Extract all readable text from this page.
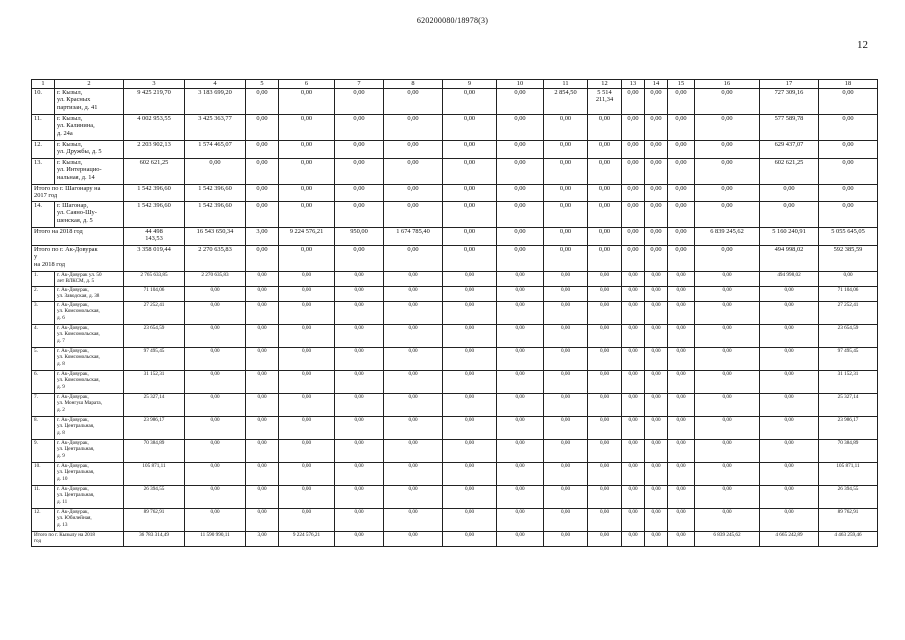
620200080/18978(3)
12
1	2	3	4	5	6	7	8	9	10	11	12	13	14	15	16	17	18
10.	г. Кызыл,
ул. Красных
партизан, д. 41	9 425 219,70	3 183 699,20	0,00	0,00	0,00	0,00	0,00	0,00	2 854,50	5 514
211,34	0,00	0,00	0,00	0,00	727 309,16	0,00
11.	г. Кызыл,
ул. Калинина,
д. 24а	4 002 953,55	3 425 363,77	0,00	0,00	0,00	0,00	0,00	0,00	0,00	0,00	0,00	0,00	0,00	0,00	577 589,78	0,00
12.	г. Кызыл,
ул. Дружбы, д. 5	2 203 902,13	1 574 465,07	0,00	0,00	0,00	0,00	0,00	0,00	0,00	0,00	0,00	0,00	0,00	0,00	629 437,07	0,00
13.	г. Кызыл,
ул. Интернацио-
нальная, д. 14	602 621,25	0,00	0,00	0,00	0,00	0,00	0,00	0,00	0,00	0,00	0,00	0,00	0,00	0,00	602 621,25	0,00
Итого по г. Шагонару на
2017 год		1 542 396,60	1 542 396,60	0,00	0,00	0,00	0,00	0,00	0,00	0,00	0,00	0,00	0,00	0,00	0,00	0,00	0,00
14.	г. Шагонар,
ул. Саяно-Шу-
шенская, д. 5	1 542 396,60	1 542 396,60	0,00	0,00	0,00	0,00	0,00	0,00	0,00	0,00	0,00	0,00	0,00	0,00	0,00	0,00
Итого на 2018 год		44 498
143,53	16 543 650,34	3,00	9 224 576,21	950,00	1 674 785,40	0,00	0,00	0,00	0,00	0,00	0,00	0,00	6 839 245,62	5 160 240,91	5 055 645,05
Итого по г. Ак-Довурак
у
на 2018 год		3 358 019,44	2 270 635,83	0,00	0,00	0,00	0,00	0,00	0,00	0,00	0,00	0,00	0,00	0,00	0,00	494 998,02	592 385,59
1.	г. Ак-Довурак ул. 50
лет ВЛКСМ, д. 5	2 765 633,85	2 270 635,83	0,00	0,00	0,00	0,00	0,00	0,00	0,00	0,00	0,00	0,00	0,00	0,00	494 998,02	0,00
2.	г. Ак-Довурак,
ул. Заводская, д. 38	71 104,06	0,00	0,00	0,00	0,00	0,00	0,00	0,00	0,00	0,00	0,00	0,00	0,00	0,00	0,00	71 104,06
3.	г. Ак-Довурак,
ул. Комсомольская,
д. 6	27 252,41	0,00	0,00	0,00	0,00	0,00	0,00	0,00	0,00	0,00	0,00	0,00	0,00	0,00	0,00	27 252,41
4.	г. Ак-Довурак,
ул. Комсомольская,
д. 7	23 654,59	0,00	0,00	0,00	0,00	0,00	0,00	0,00	0,00	0,00	0,00	0,00	0,00	0,00	0,00	23 654,59
5.	г. Ак-Довурак,
ул. Комсомольская,
д. 8	97 495,45	0,00	0,00	0,00	0,00	0,00	0,00	0,00	0,00	0,00	0,00	0,00	0,00	0,00	0,00	97 495,45
6.	г. Ак-Довурак,
ул. Комсомольская,
д. 9	31 152,31	0,00	0,00	0,00	0,00	0,00	0,00	0,00	0,00	0,00	0,00	0,00	0,00	0,00	0,00	31 152,31
7.	г. Ак-Довурак,
ул. Монгуш Марата,
д. 2	25 327,14	0,00	0,00	0,00	0,00	0,00	0,00	0,00	0,00	0,00	0,00	0,00	0,00	0,00	0,00	25 327,14
8.	г. Ак-Довурак,
ул. Центральная,
д. 8	23 986,17	0,00	0,00	0,00	0,00	0,00	0,00	0,00	0,00	0,00	0,00	0,00	0,00	0,00	0,00	23 986,17
9.	г. Ак-Довурак,
ул. Центральная,
д. 9	70 384,89	0,00	0,00	0,00	0,00	0,00	0,00	0,00	0,00	0,00	0,00	0,00	0,00	0,00	0,00	70 384,89
10.	г. Ак-Довурак,
ул. Центральная,
д. 10	105 871,11	0,00	0,00	0,00	0,00	0,00	0,00	0,00	0,00	0,00	0,00	0,00	0,00	0,00	0,00	105 871,11
11.	г. Ак-Довурак,
ул. Центральная,
д. 11	26 394,55	0,00	0,00	0,00	0,00	0,00	0,00	0,00	0,00	0,00	0,00	0,00	0,00	0,00	0,00	26 394,55
12.	г. Ак-Довурак,
ул. Юбилейная,
д. 13	89 762,91	0,00	0,00	0,00	0,00	0,00	0,00	0,00	0,00	0,00	0,00	0,00	0,00	0,00	0,00	89 762,91
Итого по г. Кызылу на 2018
год		36 783 314,49	11 590 990,11	3,00	9 224 576,21	0,00	0,00	0,00	0,00	0,00	0,00	0,00	0,00	0,00	6 839 245,62	4 665 242,89	4 463 259,46
